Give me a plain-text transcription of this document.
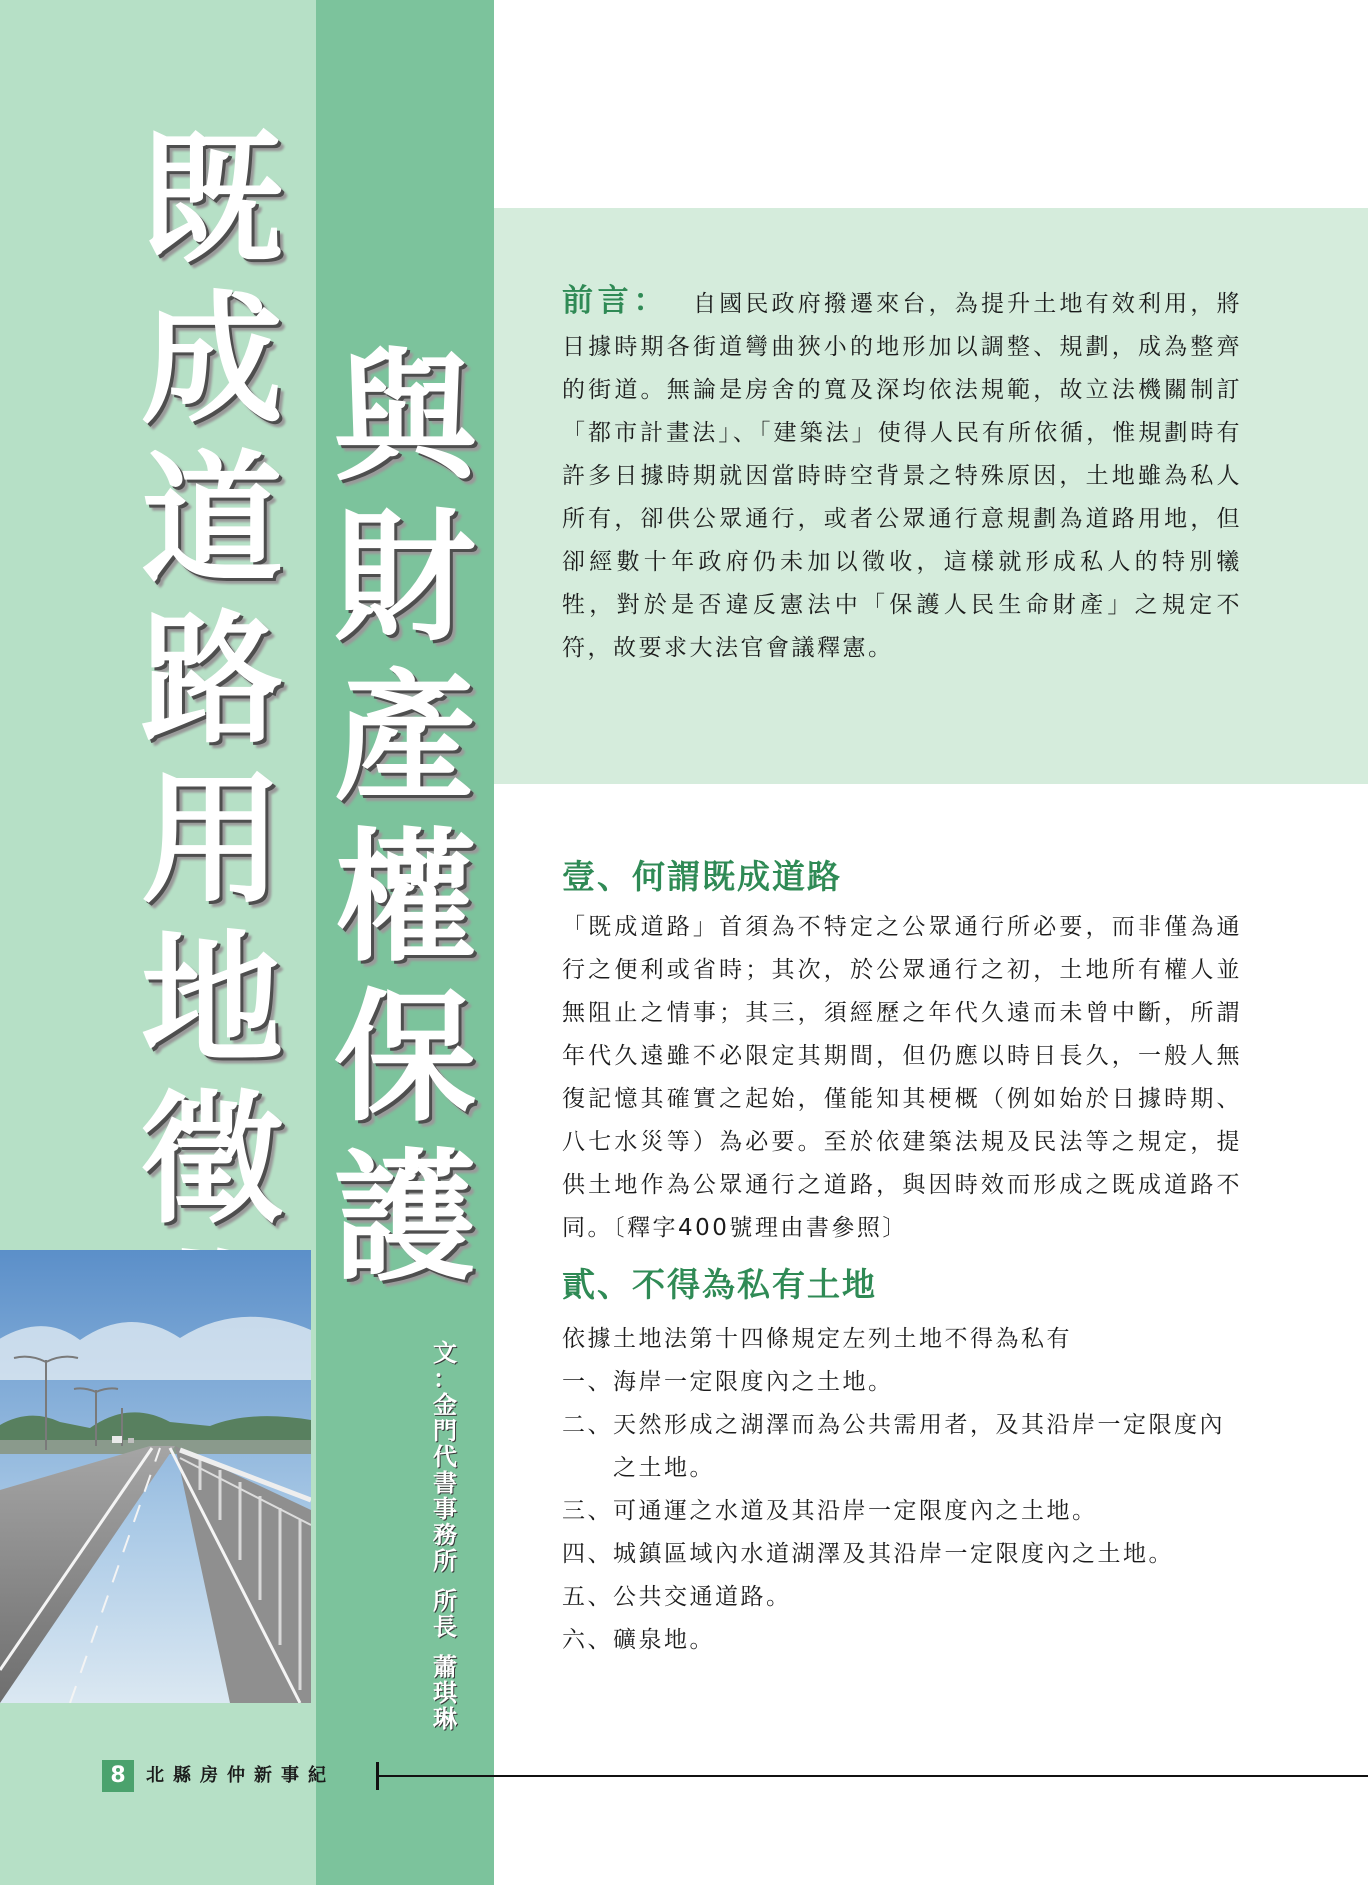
既
成
道
路
用
地
徵
與
財
產
權
保
護
文
：
金
門
代
書
事
務
所
所
長
蕭
琪
琳
8	北縣房仲新事紀

前言： 自國民政府撥遷來台，為提升土地有效利用，將日據時期各街道彎曲狹小的地形加以調整、規劃，成為整齊的街道。無論是房舍的寬及深均依法規範，故立法機關制訂「都市計畫法」、「建築法」使得人民有所依循，惟規劃時有許多日據時期就因當時時空背景之特殊原因，土地雖為私人所有，卻供公眾通行，或者公眾通行意規劃為道路用地，但卻經數十年政府仍未加以徵收，這樣就形成私人的特別犧牲，對於是否違反憲法中「保護人民生命財產」之規定不符，故要求大法官會議釋憲。

壹、何謂既成道路

「既成道路」首須為不特定之公眾通行所必要，而非僅為通行之便利或省時；其次，於公眾通行之初，土地所有權人並無阻止之情事；其三，須經歷之年代久遠而未曾中斷，所謂年代久遠雖不必限定其期間，但仍應以時日長久，一般人無復記憶其確實之起始，僅能知其梗概（例如始於日據時期、八七水災等）為必要。至於依建築法規及民法等之規定，提供土地作為公眾通行之道路，與因時效而形成之既成道路不同。〔釋字400號理由書參照〕

貳、不得為私有土地
依據土地法第十四條規定左列土地不得為私有
一、 海岸一定限度內之土地。
二、 天然形成之湖澤而為公共需用者，及其沿岸一定限度內之土地。
三、 可通運之水道及其沿岸一定限度內之土地。
四、 城鎮區域內水道湖澤及其沿岸一定限度內之土地。
五、 公共交通道路。
六、 礦泉地。
